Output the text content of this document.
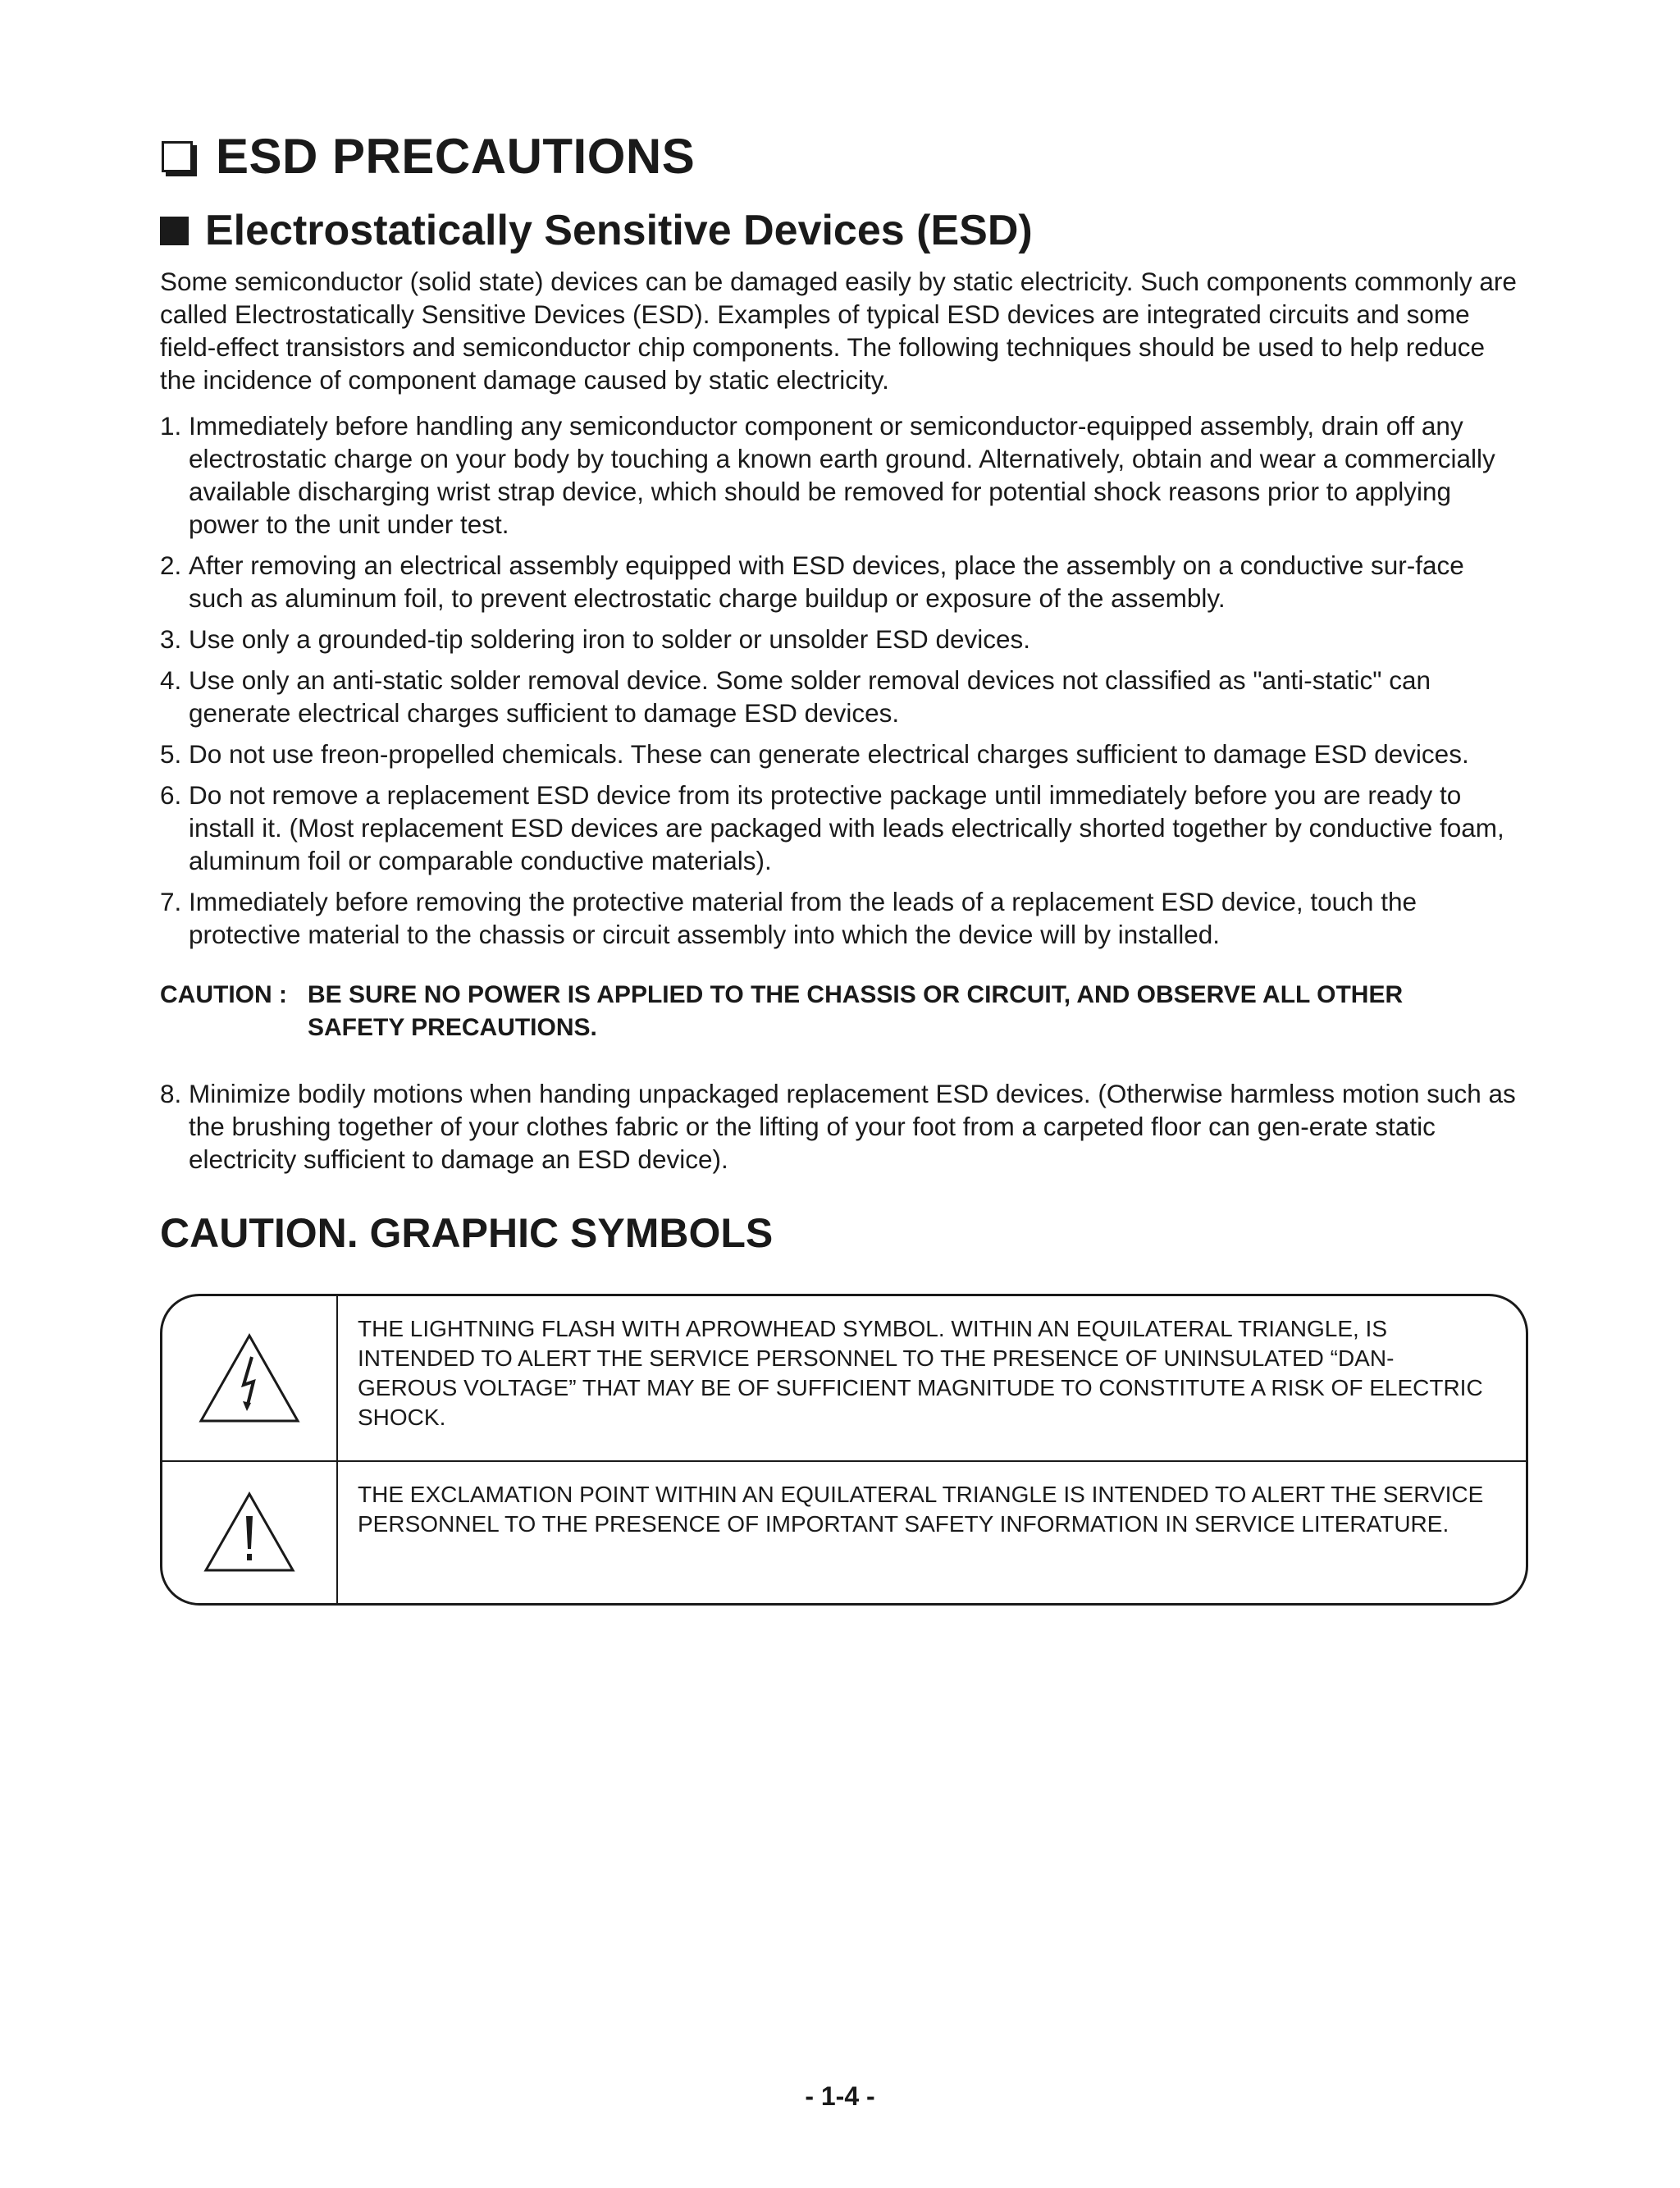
ESD PRECAUTIONS
Electrostatically Sensitive Devices (ESD)

Some semiconductor (solid state) devices can be damaged easily by static electricity. Such components commonly are called Electrostatically Sensitive Devices (ESD). Examples of typical ESD devices are integrated circuits and some field-effect transistors and semiconductor chip components. The following techniques should be used to help reduce the incidence of component damage caused by static electricity.

1. Immediately before handling any semiconductor component or semiconductor-equipped assembly, drain off any electrostatic charge on your body by touching a known earth ground. Alternatively, obtain and wear a commercially available discharging wrist strap device, which should be removed for potential shock reasons prior to applying power to the unit under test.
2. After removing an electrical assembly equipped with ESD devices, place the assembly on a conductive sur-face such as aluminum foil, to prevent electrostatic charge buildup or exposure of the assembly.
3. Use only a grounded-tip soldering iron to solder or unsolder ESD devices.
4. Use only an anti-static solder removal device. Some solder removal devices not classified as "anti-static" can generate electrical charges sufficient to damage ESD devices.
5. Do not use freon-propelled chemicals. These can generate electrical charges sufficient to damage ESD devices.
6. Do not remove a replacement ESD device from its protective package until immediately before you are ready to install it. (Most replacement ESD devices are packaged with leads electrically shorted together by conductive foam, aluminum foil or comparable conductive materials).
7. Immediately before removing the protective material from the leads of a replacement ESD device, touch the protective material to the chassis or circuit assembly into which the device will by installed.
CAUTION : BE SURE NO POWER IS APPLIED TO THE CHASSIS OR CIRCUIT, AND OBSERVE ALL OTHER SAFETY PRECAUTIONS.
8. Minimize bodily motions when handing unpackaged replacement ESD devices. (Otherwise harmless motion such as the brushing together of your clothes fabric or the lifting of your foot from a carpeted floor can gen-erate static electricity sufficient to damage an ESD device).
CAUTION. GRAPHIC SYMBOLS
THE LIGHTNING FLASH WITH APROWHEAD SYMBOL. WITHIN AN EQUILATERAL TRIANGLE, IS INTENDED TO ALERT THE SERVICE PERSONNEL TO THE PRESENCE OF UNINSULATED “DAN-GEROUS VOLTAGE” THAT MAY BE OF SUFFICIENT MAGNITUDE TO CONSTITUTE A RISK OF ELECTRIC SHOCK.
THE EXCLAMATION POINT WITHIN AN EQUILATERAL TRIANGLE IS INTENDED TO ALERT THE SERVICE PERSONNEL TO THE PRESENCE OF IMPORTANT SAFETY INFORMATION IN SERVICE LITERATURE.
- 1-4 -
